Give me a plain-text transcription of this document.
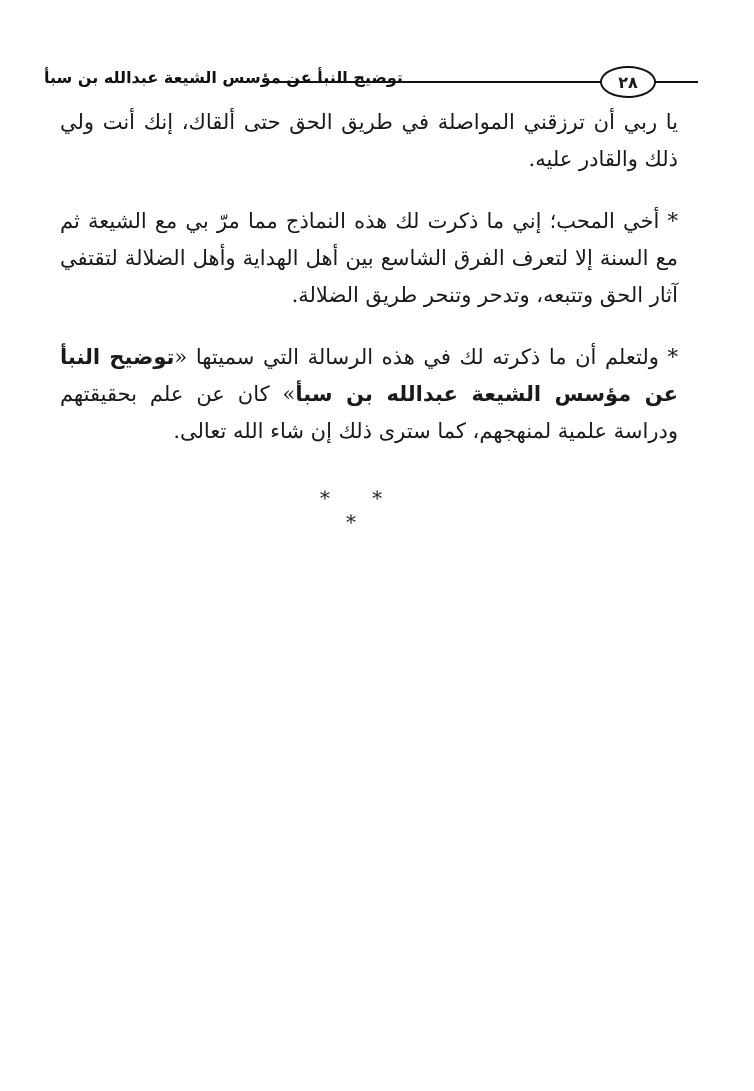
توضيح النبأ عن مؤسس الشيعة عبدالله بن سبأ	٢٨

يا ربي أن ترزقني المواصلة في طريق الحق حتى ألقاك، إنك أنت ولي ذلك والقادر عليه.

* أخي المحب؛ إني ما ذكرت لك هذه النماذج مما مرّ بي مع الشيعة ثم مع السنة إلا لتعرف الفرق الشاسع بين أهل الهداية وأهل الضلالة لتقتفي آثار الحق وتتبعه، وتدحر وتنحر طريق الضلالة.

* ولتعلم أن ما ذكرته لك في هذه الرسالة التي سميتها «توضيح النبأ عن مؤسس الشيعة عبدالله بن سبأ» كان عن علم بحقيقتهم ودراسة علمية لمنهجهم، كما سترى ذلك إن شاء الله تعالى.

* * *
